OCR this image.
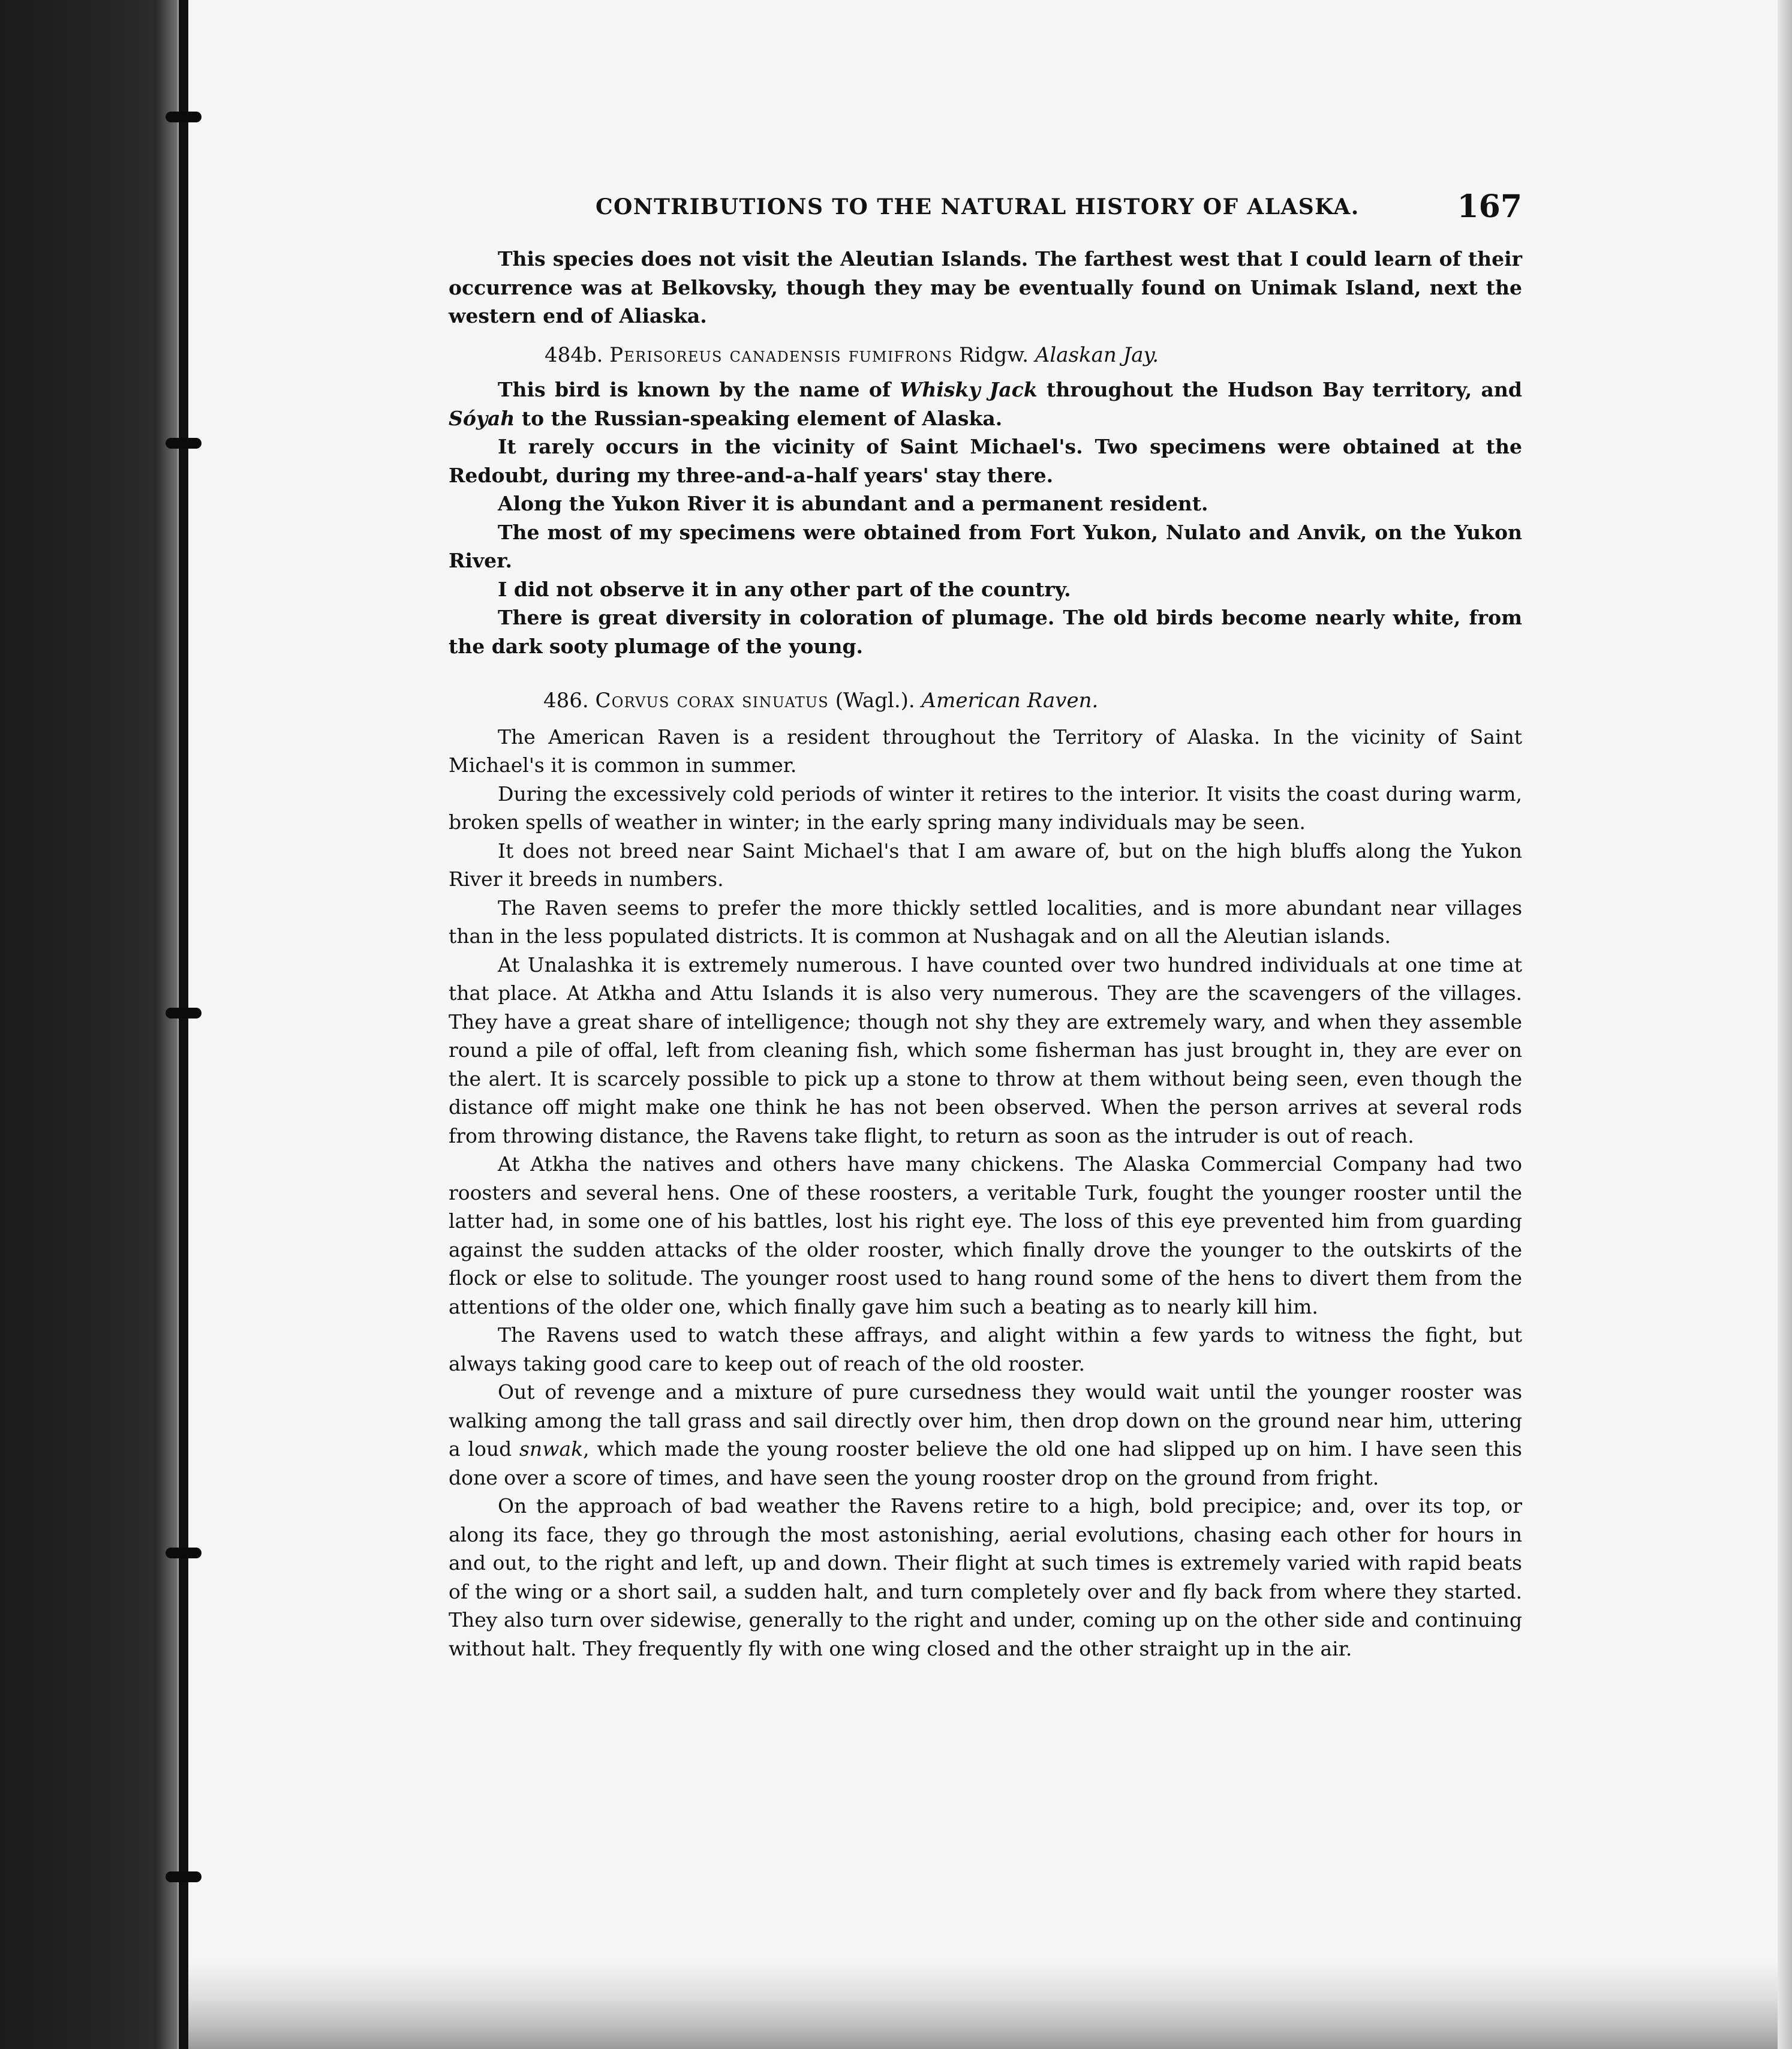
CONTRIBUTIONS TO THE NATURAL HISTORY OF ALASKA.	167

This species does not visit the Aleutian Islands. The farthest west that I could learn of their occurrence was at Belkovsky, though they may be eventually found on Unimak Island, next the western end of Aliaska.

484b. Perisoreus canadensis fumifrons Ridgw. Alaskan Jay.

This bird is known by the name of Whisky Jack throughout the Hudson Bay territory, and Sóyah to the Russian-speaking element of Alaska.

It rarely occurs in the vicinity of Saint Michael's. Two specimens were obtained at the Redoubt, during my three-and-a-half years' stay there.

Along the Yukon River it is abundant and a permanent resident.

The most of my specimens were obtained from Fort Yukon, Nulato and Anvik, on the Yukon River.

I did not observe it in any other part of the country.

There is great diversity in coloration of plumage. The old birds become nearly white, from the dark sooty plumage of the young.

486. Corvus corax sinuatus (Wagl.). American Raven.

The American Raven is a resident throughout the Territory of Alaska. In the vicinity of Saint Michael's it is common in summer.

During the excessively cold periods of winter it retires to the interior. It visits the coast during warm, broken spells of weather in winter; in the early spring many individuals may be seen.

It does not breed near Saint Michael's that I am aware of, but on the high bluffs along the Yukon River it breeds in numbers.

The Raven seems to prefer the more thickly settled localities, and is more abundant near villages than in the less populated districts. It is common at Nushagak and on all the Aleutian islands.

At Unalashka it is extremely numerous. I have counted over two hundred individuals at one time at that place. At Atkha and Attu Islands it is also very numerous. They are the scavengers of the villages. They have a great share of intelligence; though not shy they are extremely wary, and when they assemble round a pile of offal, left from cleaning fish, which some fisherman has just brought in, they are ever on the alert. It is scarcely possible to pick up a stone to throw at them without being seen, even though the distance off might make one think he has not been observed. When the person arrives at several rods from throwing distance, the Ravens take flight, to return as soon as the intruder is out of reach.

At Atkha the natives and others have many chickens. The Alaska Commercial Company had two roosters and several hens. One of these roosters, a veritable Turk, fought the younger rooster until the latter had, in some one of his battles, lost his right eye. The loss of this eye prevented him from guarding against the sudden attacks of the older rooster, which finally drove the younger to the outskirts of the flock or else to solitude. The younger roost used to hang round some of the hens to divert them from the attentions of the older one, which finally gave him such a beating as to nearly kill him.

The Ravens used to watch these affrays, and alight within a few yards to witness the fight, but always taking good care to keep out of reach of the old rooster.

Out of revenge and a mixture of pure cursedness they would wait until the younger rooster was walking among the tall grass and sail directly over him, then drop down on the ground near him, uttering a loud snwak, which made the young rooster believe the old one had slipped up on him. I have seen this done over a score of times, and have seen the young rooster drop on the ground from fright.

On the approach of bad weather the Ravens retire to a high, bold precipice; and, over its top, or along its face, they go through the most astonishing, aerial evolutions, chasing each other for hours in and out, to the right and left, up and down. Their flight at such times is extremely varied with rapid beats of the wing or a short sail, a sudden halt, and turn completely over and fly back from where they started. They also turn over sidewise, generally to the right and under, coming up on the other side and continuing without halt. They frequently fly with one wing closed and the other straight up in the air.
